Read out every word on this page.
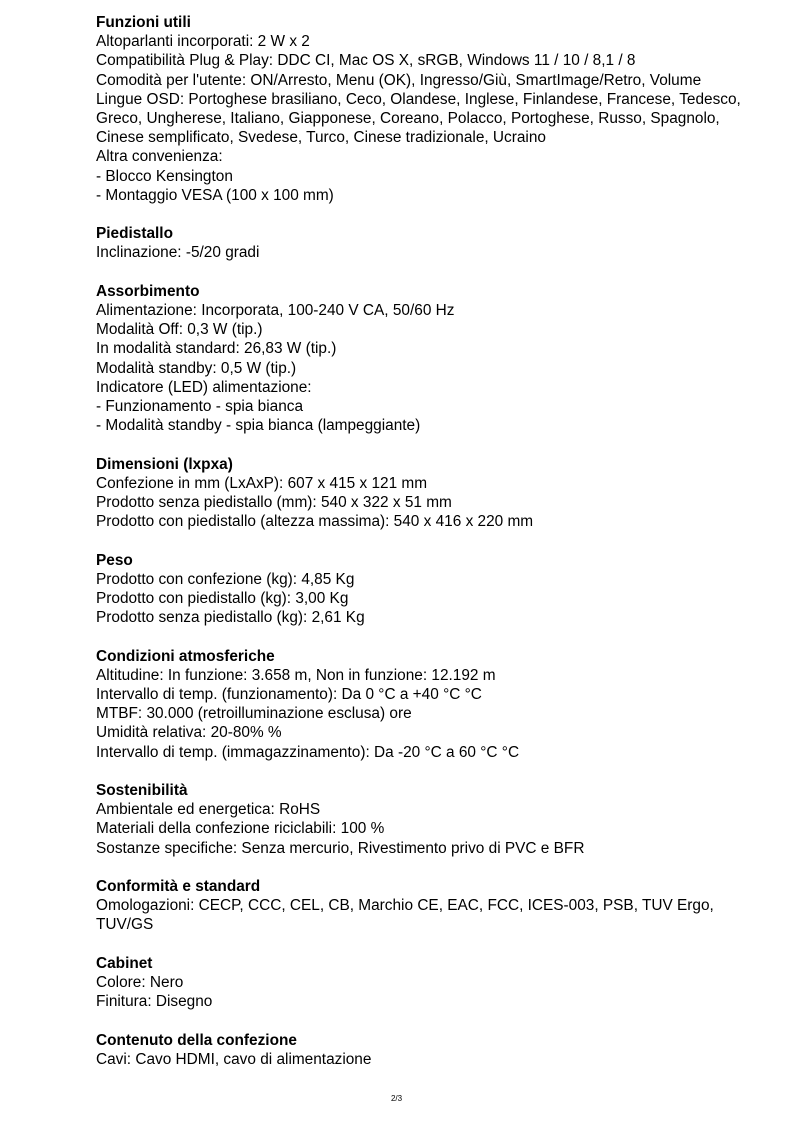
Funzioni utili
Altoparlanti incorporati: 2 W x 2
Compatibilità Plug & Play: DDC CI, Mac OS X, sRGB, Windows 11 / 10 / 8,1 / 8
Comodità per l'utente: ON/Arresto, Menu (OK), Ingresso/Giù, SmartImage/Retro, Volume
Lingue OSD: Portoghese brasiliano, Ceco, Olandese, Inglese, Finlandese, Francese, Tedesco, Greco, Ungherese, Italiano, Giapponese, Coreano, Polacco, Portoghese, Russo, Spagnolo, Cinese semplificato, Svedese, Turco, Cinese tradizionale, Ucraino
Altra convenienza:
- Blocco Kensington
- Montaggio VESA (100 x 100 mm)
Piedistallo
Inclinazione: -5/20 gradi
Assorbimento
Alimentazione: Incorporata, 100-240 V CA, 50/60 Hz
Modalità Off: 0,3 W (tip.)
In modalità standard: 26,83 W (tip.)
Modalità standby: 0,5 W (tip.)
Indicatore (LED) alimentazione:
- Funzionamento - spia bianca
- Modalità standby - spia bianca (lampeggiante)
Dimensioni (lxpxa)
Confezione in mm (LxAxP): 607 x 415 x 121 mm
Prodotto senza piedistallo (mm): 540 x 322 x 51 mm
Prodotto con piedistallo (altezza massima): 540 x 416 x 220 mm
Peso
Prodotto con confezione (kg): 4,85 Kg
Prodotto con piedistallo (kg): 3,00 Kg
Prodotto senza piedistallo (kg): 2,61 Kg
Condizioni atmosferiche
Altitudine: In funzione: 3.658 m, Non in funzione: 12.192 m
Intervallo di temp. (funzionamento): Da 0 °C a +40 °C °C
MTBF: 30.000 (retroilluminazione esclusa) ore
Umidità relativa: 20-80% %
Intervallo di temp. (immagazzinamento): Da -20 °C a 60 °C °C
Sostenibilità
Ambientale ed energetica: RoHS
Materiali della confezione riciclabili: 100 %
Sostanze specifiche: Senza mercurio, Rivestimento privo di PVC e BFR
Conformità e standard
Omologazioni: CECP, CCC, CEL, CB, Marchio CE, EAC, FCC, ICES-003, PSB, TUV Ergo, TUV/GS
Cabinet
Colore: Nero
Finitura: Disegno
Contenuto della confezione
Cavi: Cavo HDMI, cavo di alimentazione
2/3
